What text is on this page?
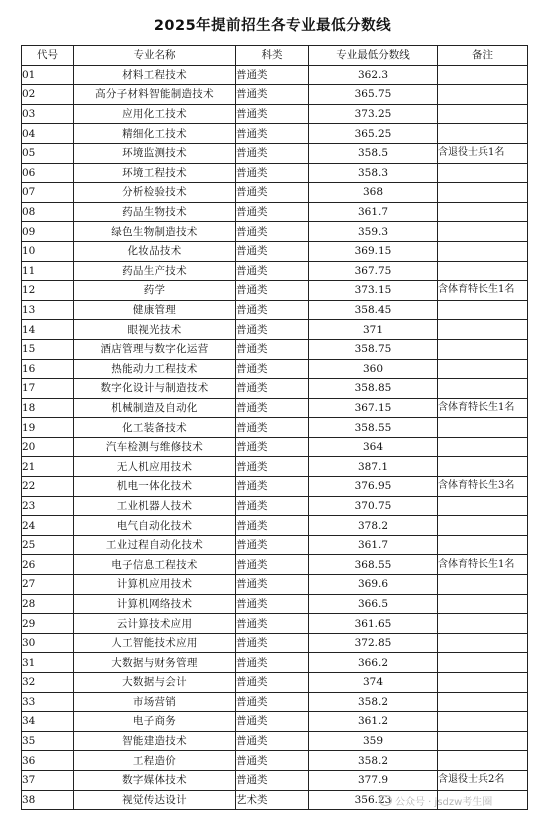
2025年提前招生各专业最低分数线
代号	专业名称	科类	专业最低分数线	备注
01	材料工程技术	普通类	362.3	
02	高分子材料智能制造技术	普通类	365.75	
03	应用化工技术	普通类	373.25	
04	精细化工技术	普通类	365.25	
05	环境监测技术	普通类	358.5	含退役士兵1名
06	环境工程技术	普通类	358.3	
07	分析检验技术	普通类	368	
08	药品生物技术	普通类	361.7	
09	绿色生物制造技术	普通类	359.3	
10	化妆品技术	普通类	369.15	
11	药品生产技术	普通类	367.75	
12	药学	普通类	373.15	含体育特长生1名
13	健康管理	普通类	358.45	
14	眼视光技术	普通类	371	
15	酒店管理与数字化运营	普通类	358.75	
16	热能动力工程技术	普通类	360	
17	数字化设计与制造技术	普通类	358.85	
18	机械制造及自动化	普通类	367.15	含体育特长生1名
19	化工装备技术	普通类	358.55	
20	汽车检测与维修技术	普通类	364	
21	无人机应用技术	普通类	387.1	
22	机电一体化技术	普通类	376.95	含体育特长生3名
23	工业机器人技术	普通类	370.75	
24	电气自动化技术	普通类	378.2	
25	工业过程自动化技术	普通类	361.7	
26	电子信息工程技术	普通类	368.55	含体育特长生1名
27	计算机应用技术	普通类	369.6	
28	计算机网络技术	普通类	366.5	
29	云计算技术应用	普通类	361.65	
30	人工智能技术应用	普通类	372.85	
31	大数据与财务管理	普通类	366.2	
32	大数据与会计	普通类	374	
33	市场营销	普通类	358.2	
34	电子商务	普通类	361.2	
35	智能建造技术	普通类	359	
36	工程造价	普通类	358.2	
37	数字媒体技术	普通类	377.9	含退役士兵2名
38	视觉传达设计	艺术类	356.23	公众号 · jsdzw考生圈
